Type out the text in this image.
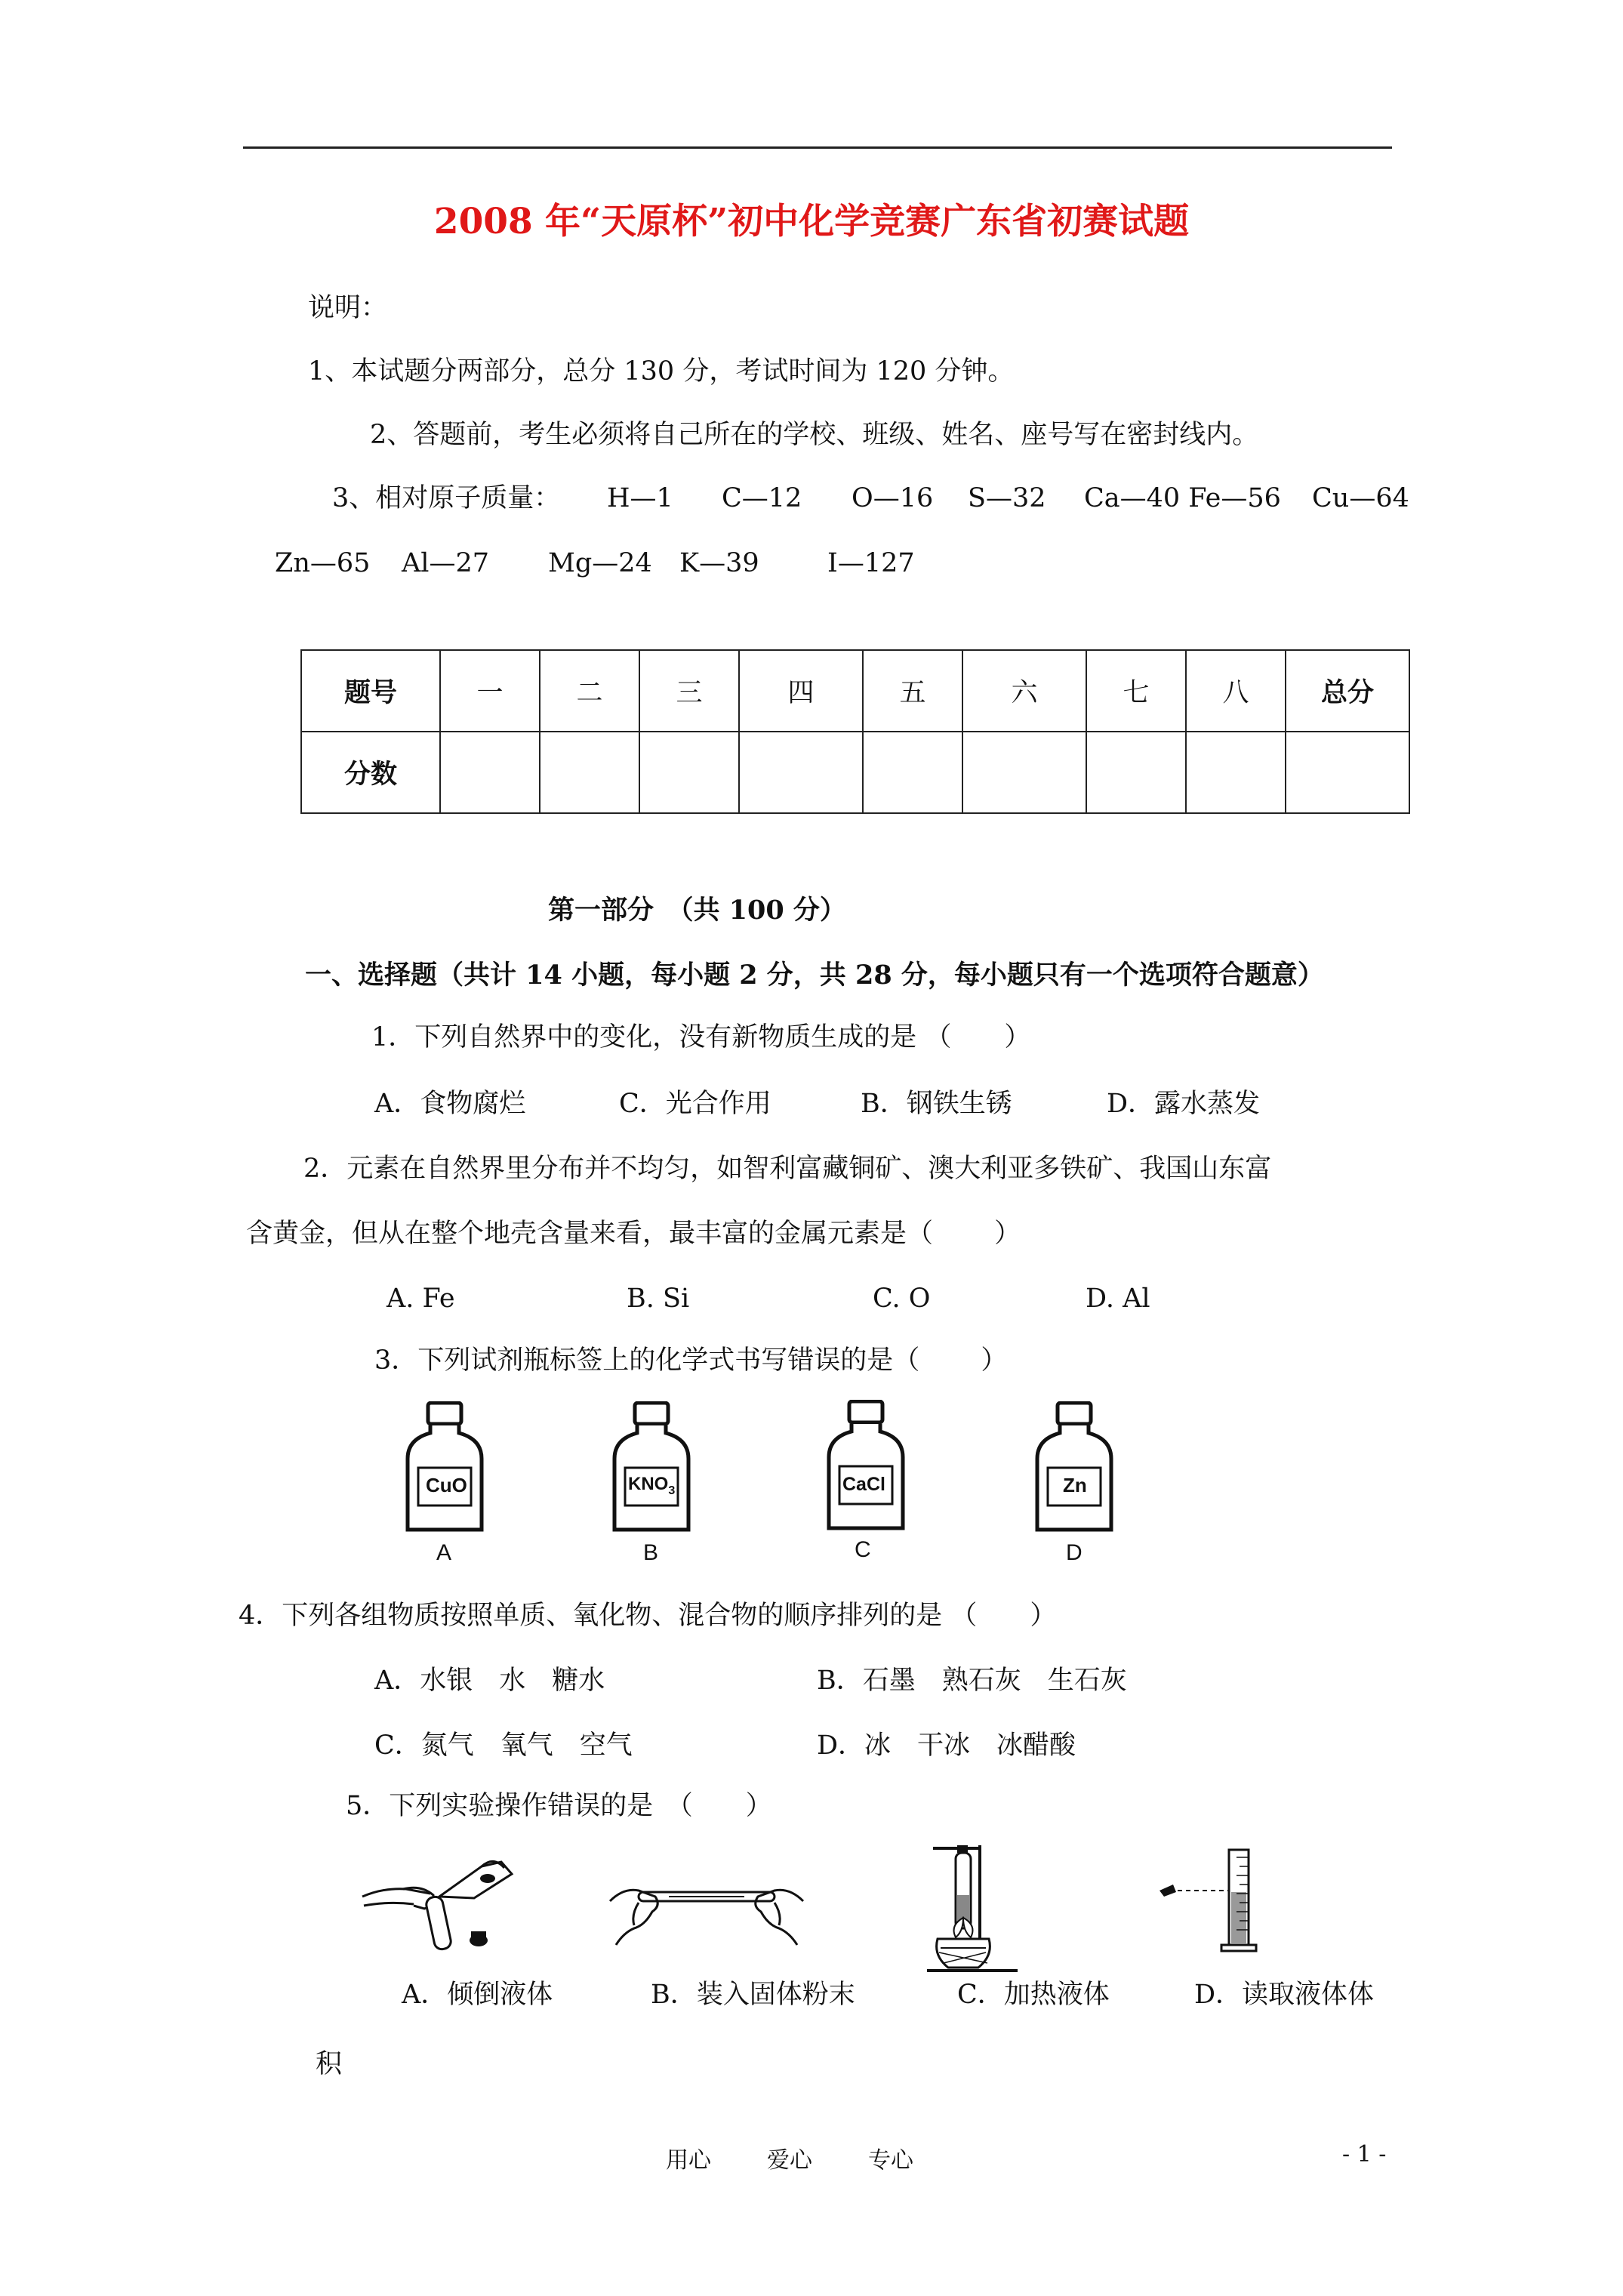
2008 年“天原杯”初中化学竞赛广东省初赛试题
说明：
1、本试题分两部分，总分 130 分，考试时间为 120 分钟。
2、答题前，考生必须将自己所在的学校、班级、姓名、座号写在密封线内。
3、相对原子质量： H—1 C—12 O—16 S—32 Ca—40 Fe—56 Cu—64
Zn—65 Al—27 Mg—24 K—39	I—127
题号	一	二	三	四	五	六	七	八	总分
分数									
第一部分　（共 100 分）
一、选择题（共计 14 小题，每小题 2 分，共 28 分，每小题只有一个选项符合题意）
1．下列自然界中的变化，没有新物质生成的是 （　　）
A．食物腐烂	C．光合作用	B．钢铁生锈	D．露水蒸发
2．元素在自然界里分布并不均匀，如智利富藏铜矿、澳大利亚多铁矿、我国山东富
含黄金，但从在整个地壳含量来看，最丰富的金属元素是（　　 ）
A. Fe	B. Si	C. O	D. Al
3．下列试剂瓶标签上的化学式书写错误的是（　　 ）
CuO
A
$KNO_3$
B
CaCl
C
Zn
D
4．下列各组物质按照单质、氧化物、混合物的顺序排列的是 （　　）
A．水银　水　糖水	B．石墨　熟石灰　生石灰
C．氮气　氧气　空气	D．冰　干冰　冰醋酸
5．下列实验操作错误的是　（　　）
A．倾倒液体	B．装入固体粉末	C．加热液体	D．读取液体体
积
用心 爱心 专心	- 1 -
